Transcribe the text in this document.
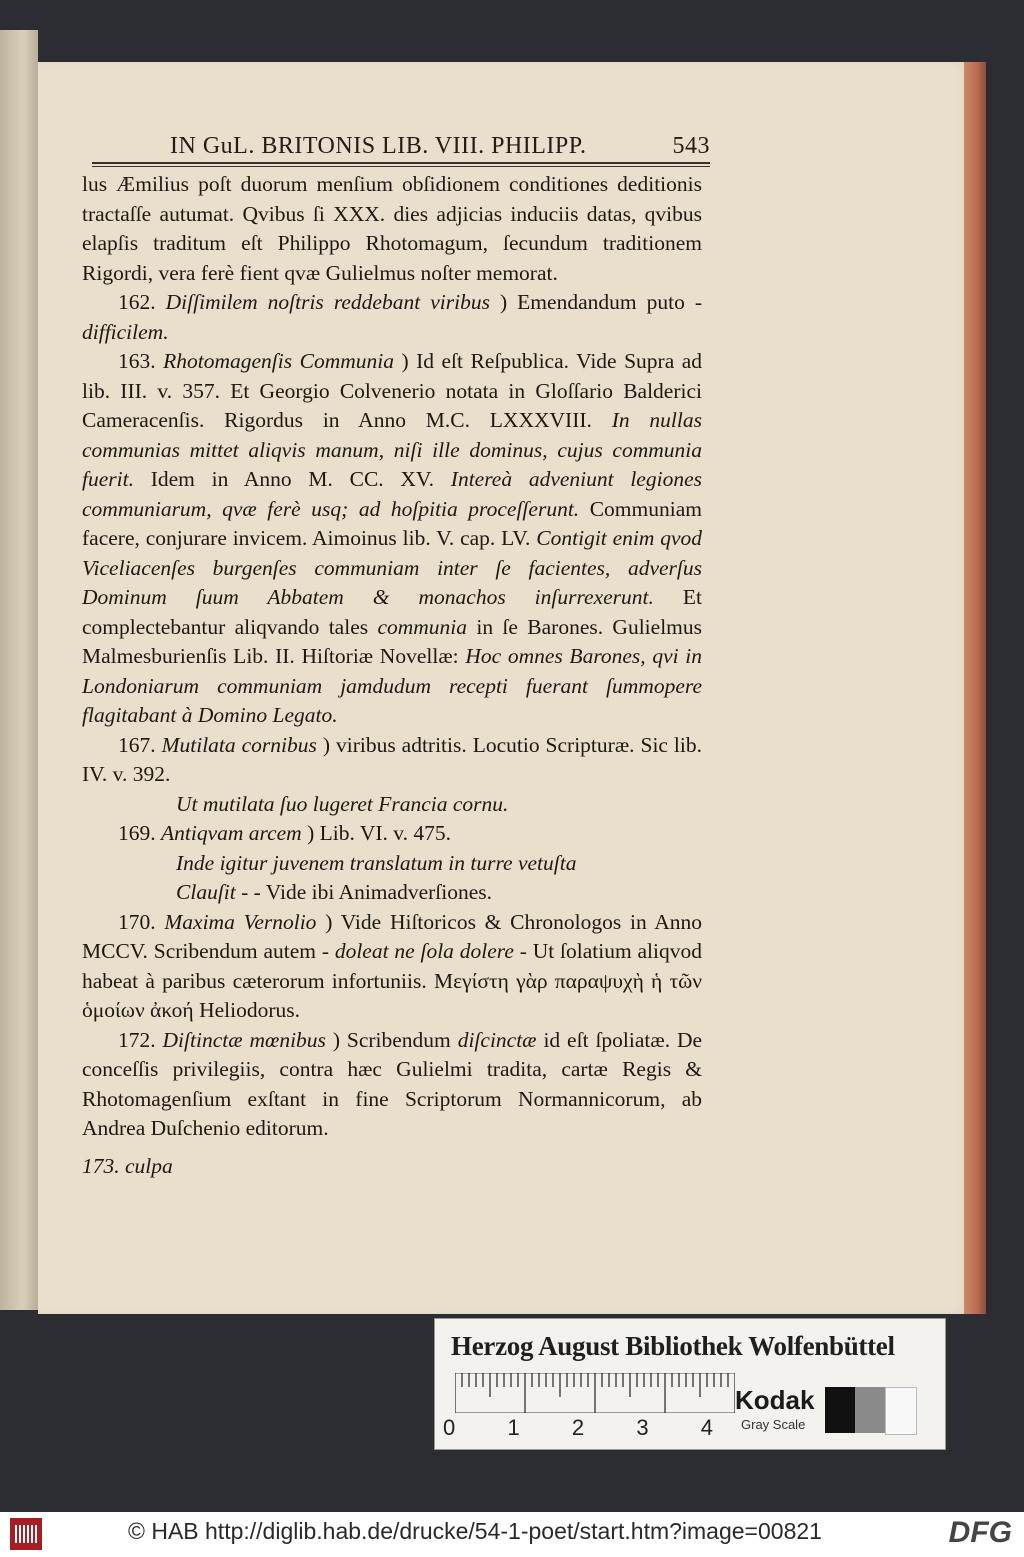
IN GuL. BRITONIS LIB. VIII. PHILIPP.	543

lus Æmilius poſt duorum menſium obſidionem conditiones deditionis tractaſſe autumat. Qvibus ſi XXX. dies adjicias induciis datas, qvibus elapſis traditum eſt Philippo Rhotomagum, ſecundum traditionem Rigordi, vera ferè fient qvæ Gulielmus noſter memorat.

162. Diſſimilem noſtris reddebant viribus ) Emendandum puto - difficilem.

163. Rhotomagenſis Communia ) Id eſt Reſpublica. Vide Supra ad lib. III. v. 357. Et Georgio Colvenerio notata in Gloſſario Balderici Cameracenſis. Rigordus in Anno M.C. LXXXVIII. In nullas communias mittet aliqvis manum, niſi ille dominus, cujus communia fuerit. Idem in Anno M. CC. XV. Intereà adveniunt legiones communiarum, qvæ ferè usq; ad hoſpitia proceſſerunt. Communiam facere, conjurare invicem. Aimoinus lib. V. cap. LV. Contigit enim qvod Viceliacenſes burgenſes communiam inter ſe facientes, adverſus Dominum ſuum Abbatem & monachos inſurrexerunt. Et complectebantur aliqvando tales communia in ſe Barones. Gulielmus Malmesburienſis Lib. II. Hiſtoriæ Novellæ: Hoc omnes Barones, qvi in Londoniarum communiam jamdudum recepti fuerant ſummopere flagitabant à Domino Legato.

167. Mutilata cornibus ) viribus adtritis. Locutio Scripturæ. Sic lib. IV. v. 392.

Ut mutilata ſuo lugeret Francia cornu.

169. Antiqvam arcem ) Lib. VI. v. 475.

Inde igitur juvenem translatum in turre vetuſta

Clauſit - - Vide ibi Animadverſiones.

170. Maxima Vernolio ) Vide Hiſtoricos & Chronologos in Anno MCCV. Scribendum autem - doleat ne ſola dolere - Ut ſolatium aliqvod habeat à paribus cæterorum infortuniis. Μεγίστη γὰρ παραψυχὴ ἡ τῶν ὁμοίων ἀκοή Heliodorus.

172. Diſtinctæ mœnibus ) Scribendum diſcinctæ id eſt ſpoliatæ. De conceſſis privilegiis, contra hæc Gulielmi tradita, cartæ Regis & Rhotomagenſium exſtant in fine Scriptorum Normannicorum, ab Andrea Duſchenio editorum.

173. culpa

Herzog August Bibliothek Wolfenbüttel
0 1 2 3 4
Kodak
Gray Scale
© HAB http://diglib.hab.de/drucke/54-1-poet/start.htm?image=00821	DFG
